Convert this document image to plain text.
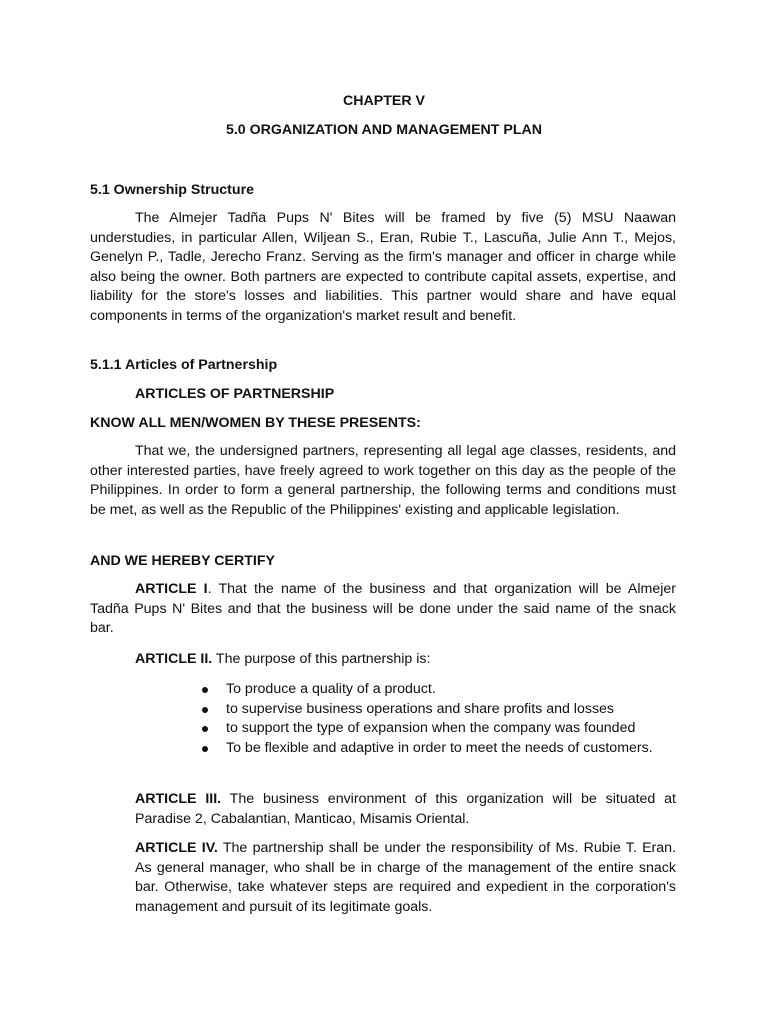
CHAPTER V
5.0 ORGANIZATION AND MANAGEMENT PLAN
5.1 Ownership Structure

The Almejer Tadña Pups N' Bites will be framed by five (5) MSU Naawan understudies, in particular Allen, Wiljean S., Eran, Rubie T., Lascuña, Julie Ann T., Mejos, Genelyn P., Tadle, Jerecho Franz. Serving as the firm's manager and officer in charge while also being the owner. Both partners are expected to contribute capital assets, expertise, and liability for the store's losses and liabilities. This partner would share and have equal components in terms of the organization's market result and benefit.

5.1.1 Articles of Partnership
ARTICLES OF PARTNERSHIP
KNOW ALL MEN/WOMEN BY THESE PRESENTS:

That we, the undersigned partners, representing all legal age classes, residents, and other interested parties, have freely agreed to work together on this day as the people of the Philippines. In order to form a general partnership, the following terms and conditions must be met, as well as the Republic of the Philippines' existing and applicable legislation.

AND WE HEREBY CERTIFY

ARTICLE I. That the name of the business and that organization will be Almejer Tadña Pups N' Bites and that the business will be done under the said name of the snack bar.

ARTICLE II. The purpose of this partnership is:

To produce a quality of a product.
to supervise business operations and share profits and losses
to support the type of expansion when the company was founded
To be flexible and adaptive in order to meet the needs of customers.

ARTICLE III. The business environment of this organization will be situated at Paradise 2, Cabalantian, Manticao, Misamis Oriental.

ARTICLE IV. The partnership shall be under the responsibility of Ms. Rubie T. Eran. As general manager, who shall be in charge of the management of the entire snack bar. Otherwise, take whatever steps are required and expedient in the corporation's management and pursuit of its legitimate goals.
